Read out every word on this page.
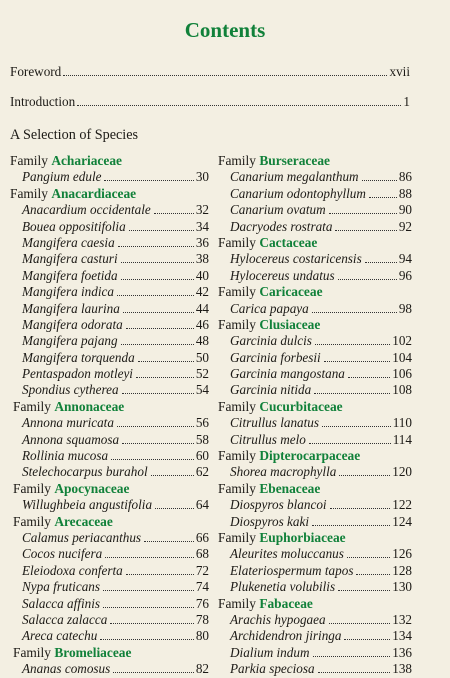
Contents
Foreword	xvii
Introduction	1
A Selection of Species
Family Achariaceae
Pangium edule	30
Family Anacardiaceae
Anacardium occidentale	32
Bouea oppositifolia	34
Mangifera caesia	36
Mangifera casturi	38
Mangifera foetida	40
Mangifera indica	42
Mangifera laurina	44
Mangifera odorata	46
Mangifera pajang	48
Mangifera torquenda	50
Pentaspadon motleyi	52
Spondius cytherea	54
Family Annonaceae
Annona muricata	56
Annona squamosa	58
Rollinia mucosa	60
Stelechocarpus burahol	62
Family Apocynaceae
Willughbeia angustifolia	64
Family Arecaceae
Calamus periacanthus	66
Cocos nucifera	68
Eleiodoxa conferta	72
Nypa fruticans	74
Salacca affinis	76
Salacca zalacca	78
Areca catechu	80
Family Bromeliaceae
Ananas comosus	82
Family Burseraceae
Canarium megalanthum	86
Canarium odontophyllum 88
Canarium ovatum	90
Dacryodes rostrata	92
Family Cactaceae
Hylocereus costaricensis	94
Hylocereus undatus	96
Family Caricaceae
Carica papaya	98
Family Clusiaceae
Garcinia dulcis	102
Garcinia forbesii	104
Garcinia mangostana	106
Garcinia nitida	108
Family Cucurbitaceae
Citrullus lanatus	110
Citrullus melo	114
Family Dipterocarpaceae
Shorea macrophylla	120
Family Ebenaceae
Diospyros blancoi	122
Diospyros kaki	124
Family Euphorbiaceae
Aleurites moluccanus	126
Elateriospermum tapos	128
Plukenetia volubilis	130
Family Fabaceae
Arachis hypogaea	132
Archidendron jiringa	134
Dialium indum	136
Parkia speciosa	138
